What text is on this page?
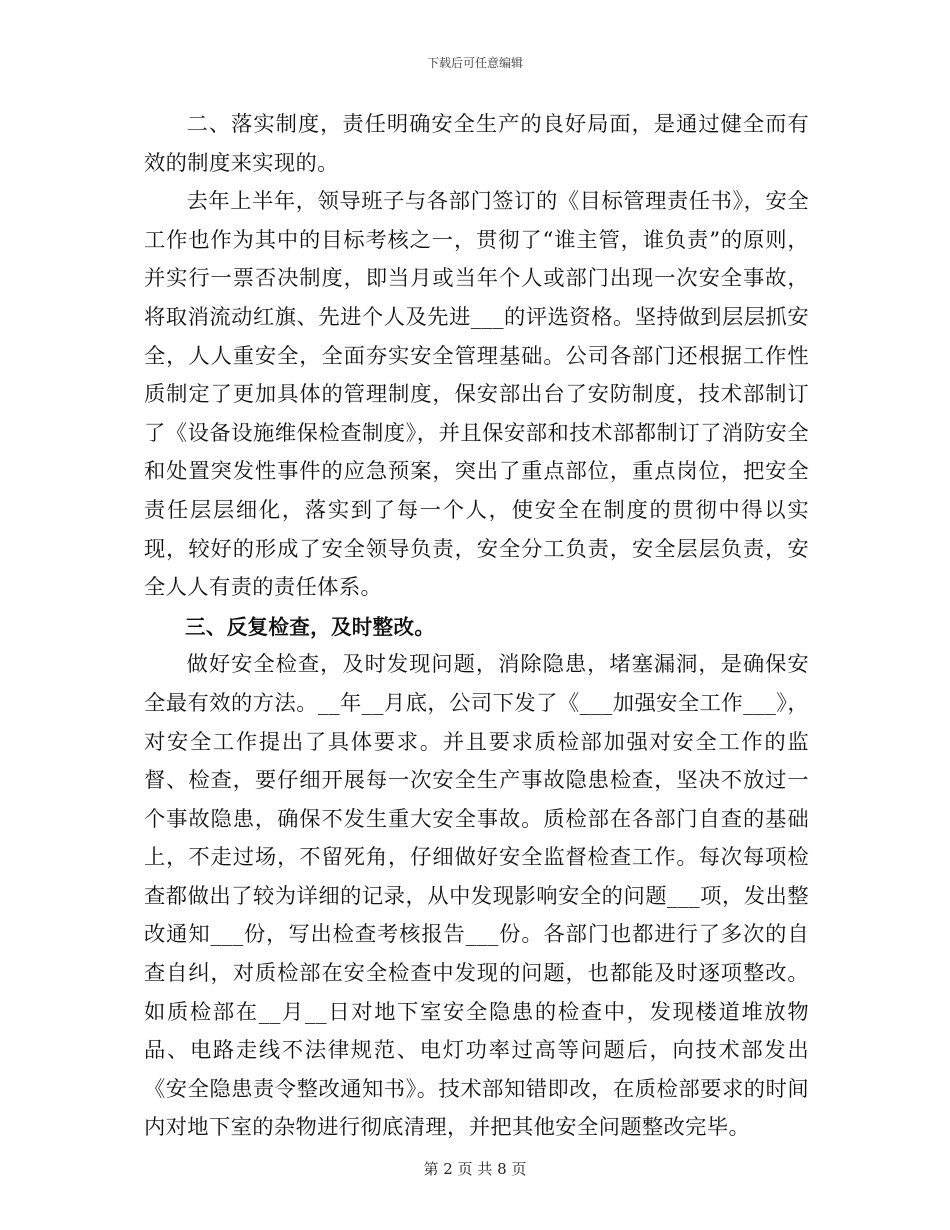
下载后可任意编辑

二、落实制度，责任明确安全生产的良好局面，是通过健全而有效的制度来实现的。

去年上半年，领导班子与各部门签订的《目标管理责任书》，安全工作也作为其中的目标考核之一，贯彻了“谁主管，谁负责”的原则，并实行一票否决制度，即当月或当年个人或部门出现一次安全事故，将取消流动红旗、先进个人及先进___的评选资格。坚持做到层层抓安全，人人重安全，全面夯实安全管理基础。公司各部门还根据工作性质制定了更加具体的管理制度，保安部出台了安防制度，技术部制订了《设备设施维保检查制度》，并且保安部和技术部都制订了消防安全和处置突发性事件的应急预案，突出了重点部位，重点岗位，把安全责任层层细化，落实到了每一个人，使安全在制度的贯彻中得以实现，较好的形成了安全领导负责，安全分工负责，安全层层负责，安全人人有责的责任体系。

三、反复检查，及时整改。

做好安全检查，及时发现问题，消除隐患，堵塞漏洞，是确保安全最有效的方法。__年__月底，公司下发了《___加强安全工作___》，对安全工作提出了具体要求。并且要求质检部加强对安全工作的监督、检查，要仔细开展每一次安全生产事故隐患检查，坚决不放过一个事故隐患，确保不发生重大安全事故。质检部在各部门自查的基础上，不走过场，不留死角，仔细做好安全监督检查工作。每次每项检查都做出了较为详细的记录，从中发现影响安全的问题___项，发出整改通知___份，写出检查考核报告___份。各部门也都进行了多次的自查自纠，对质检部在安全检查中发现的问题，也都能及时逐项整改。如质检部在__月__日对地下室安全隐患的检查中，发现楼道堆放物品、电路走线不法律规范、电灯功率过高等问题后，向技术部发出《安全隐患责令整改通知书》。技术部知错即改，在质检部要求的时间内对地下室的杂物进行彻底清理，并把其他安全问题整改完毕。

第 2 页 共 8 页
